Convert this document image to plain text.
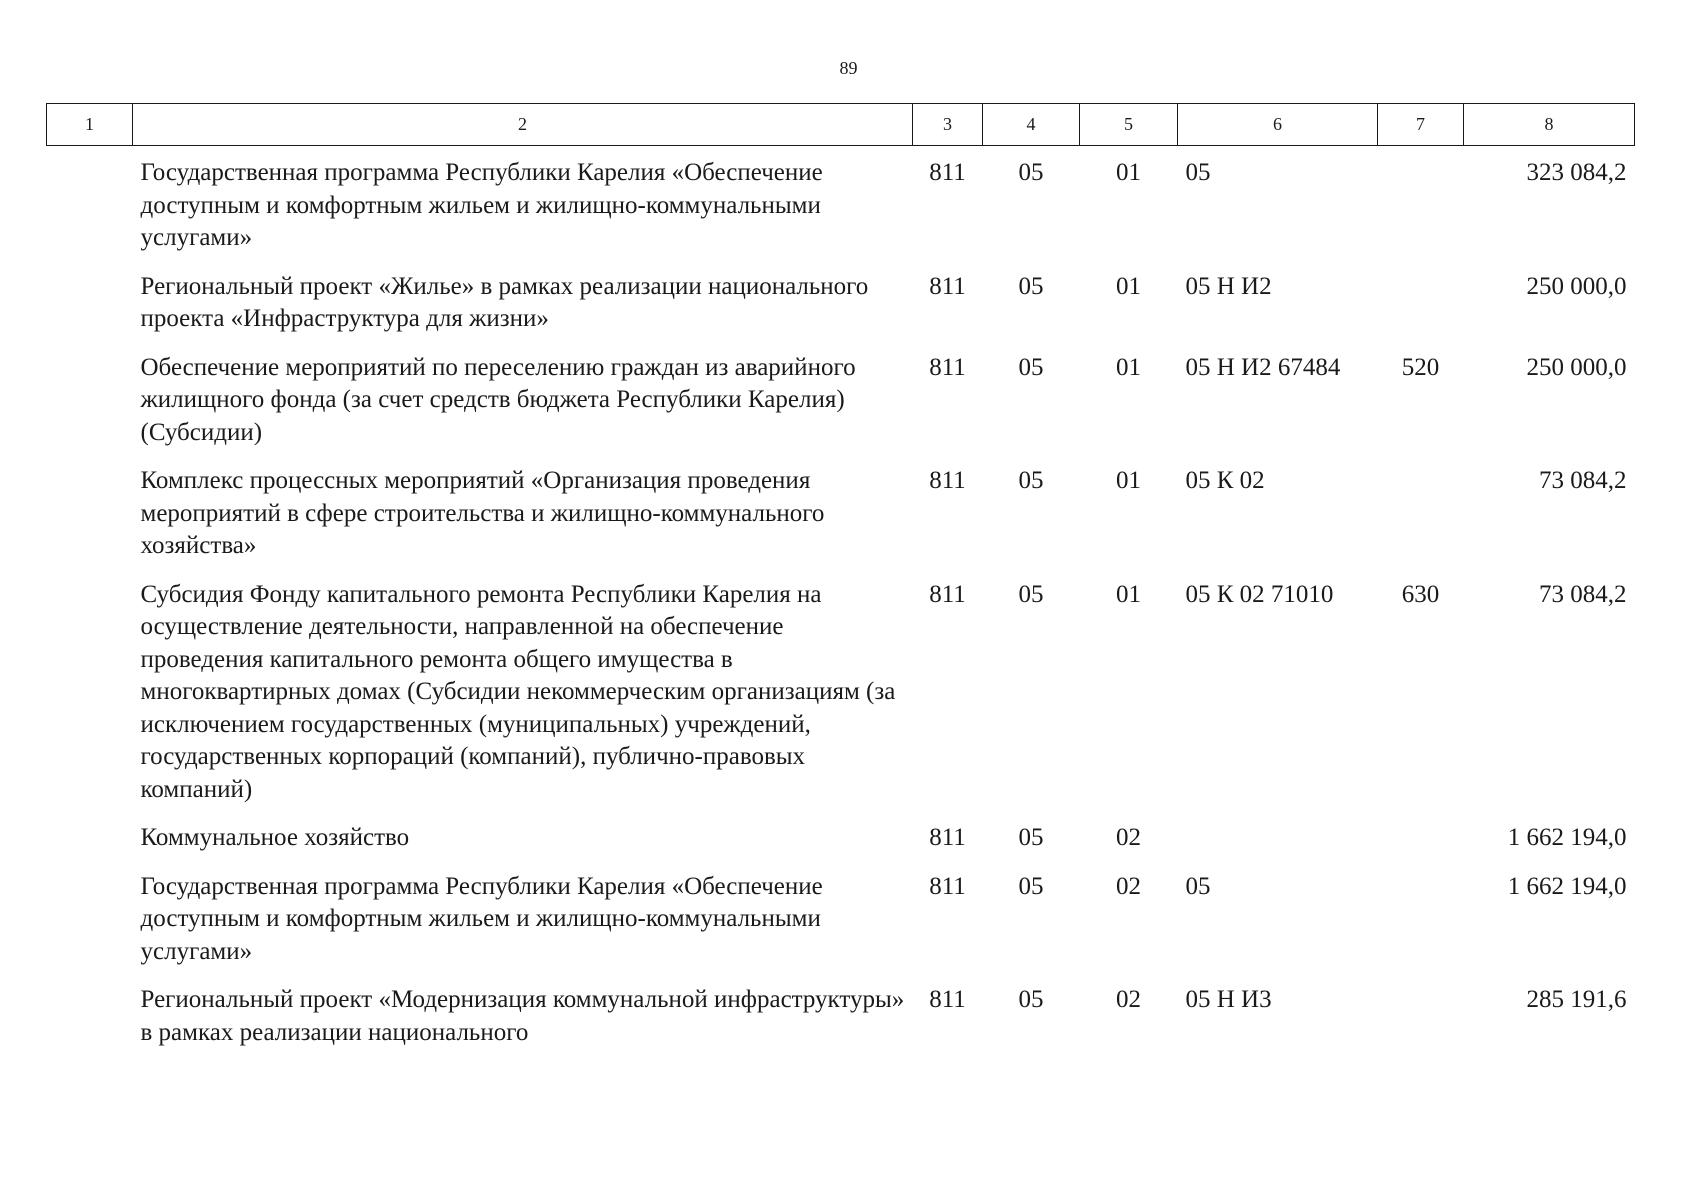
89
1	2	3	4	5	6	7	8
	Государственная программа Республики Карелия «Обеспечение доступным и комфортным жильем и жилищно-коммунальными услугами»	811	05	01	05		323 084,2
	Региональный проект «Жилье» в рамках реализации национального проекта «Инфраструктура для жизни»	811	05	01	05 Н И2		250 000,0
	Обеспечение мероприятий по переселению граждан из аварийного жилищного фонда (за счет средств бюджета Республики Карелия) (Субсидии)	811	05	01	05 Н И2 67484	520	250 000,0
	Комплекс процессных мероприятий «Организация проведения мероприятий в сфере строительства и жилищно-коммунального хозяйства»	811	05	01	05 К 02		73 084,2
	Субсидия Фонду капитального ремонта Республики Карелия на осуществление деятельности, направленной на обеспечение проведения капитального ремонта общего имущества в многоквартирных домах (Субсидии некоммерческим организациям (за исключением государственных (муниципальных) учреждений, государственных корпораций (компаний), публично-правовых компаний)	811	05	01	05 К 02 71010	630	73 084,2
	Коммунальное хозяйство	811	05	02			1 662 194,0
	Государственная программа Республики Карелия «Обеспечение доступным и комфортным жильем и жилищно-коммунальными услугами»	811	05	02	05		1 662 194,0
	Региональный проект «Модернизация коммунальной инфраструктуры» в рамках реализации национального	811	05	02	05 Н И3		285 191,6
